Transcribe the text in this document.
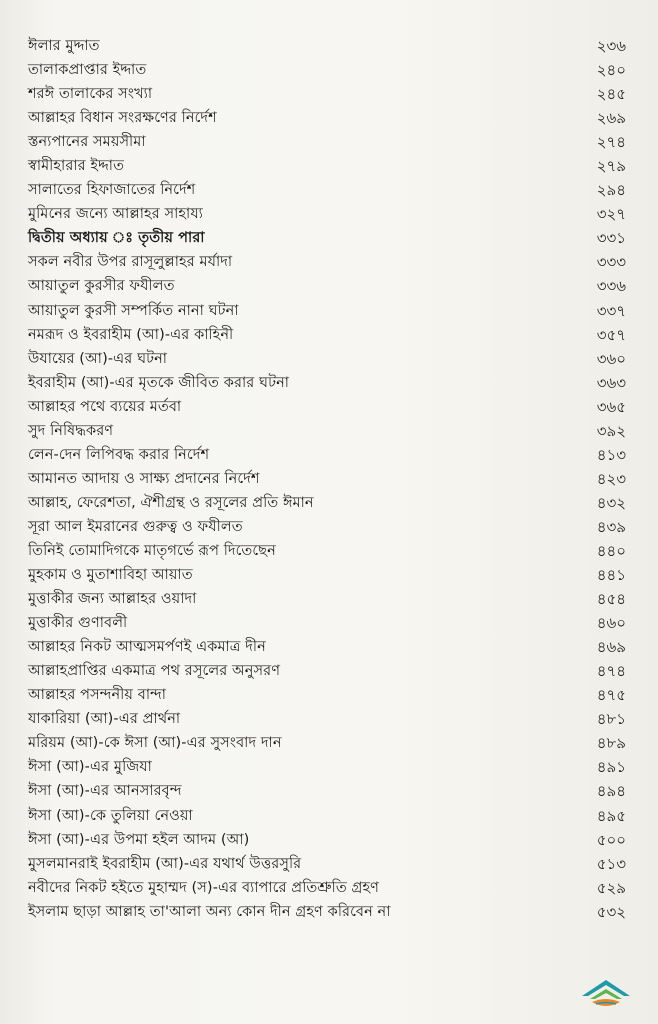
ঈলার মুদ্দাত	২৩৬
তালাকপ্রাপ্তার ইদ্দাত	২৪০
শরঈ তালাকের সংখ্যা	২৪৫
আল্লাহর বিধান সংরক্ষণের নির্দেশ	২৬৯
স্তন্যপানের সময়সীমা	২৭৪
স্বামীহারার ইদ্দাত	২৭৯
সালাতের হিফাজাতের নির্দেশ	২৯৪
মুমিনের জন্যে আল্লাহর সাহায্য	৩২৭
দ্বিতীয় অধ্যায় ঃ তৃতীয় পারা	৩৩১
সকল নবীর উপর রাসূলুল্লাহর মর্যাদা	৩৩৩
আয়াতুল কুরসীর ফযীলত	৩৩৬
আয়াতুল কুরসী সম্পর্কিত নানা ঘটনা	৩৩৭
নমরূদ ও ইবরাহীম (আ)-এর কাহিনী	৩৫৭
উযায়ের (আ)-এর ঘটনা	৩৬০
ইবরাহীম (আ)-এর মৃতকে জীবিত করার ঘটনা	৩৬৩
আল্লাহর পথে ব্যয়ের মর্তবা	৩৬৫
সুদ নিষিদ্ধকরণ	৩৯২
লেন-দেন লিপিবদ্ধ করার নির্দেশ	৪১৩
আমানত আদায় ও সাক্ষ্য প্রদানের নির্দেশ	৪২৩
আল্লাহ, ফেরেশতা, ঐশীগ্রন্থ ও রসূলের প্রতি ঈমান	৪৩২
সূরা আল ইমরানের গুরুত্ব ও ফযীলত	৪৩৯
তিনিই তোমাদিগকে মাতৃগর্ভে রূপ দিতেছেন	৪৪০
মুহকাম ও মুতাশাবিহা আয়াত	৪৪১
মুত্তাকীর জন্য আল্লাহর ওয়াদা	৪৫৪
মুত্তাকীর গুণাবলী	৪৬০
আল্লাহর নিকট আত্মসমর্পণই একমাত্র দীন	৪৬৯
আল্লাহপ্রাপ্তির একমাত্র পথ রসূলের অনুসরণ	৪৭৪
আল্লাহর পসন্দনীয় বান্দা	৪৭৫
যাকারিয়া (আ)-এর প্রার্থনা	৪৮১
মরিয়ম (আ)-কে ঈসা (আ)-এর সুসংবাদ দান	৪৮৯
ঈসা (আ)-এর মুজিযা	৪৯১
ঈসা (আ)-এর আনসারবৃন্দ	৪৯৪
ঈসা (আ)-কে তুলিয়া নেওয়া	৪৯৫
ঈসা (আ)-এর উপমা হইল আদম (আ)	৫০০
মুসলমানরাই ইবরাহীম (আ)-এর যথার্থ উত্তরসুরি	৫১৩
নবীদের নিকট হইতে মুহাম্মদ (স)-এর ব্যাপারে প্রতিশ্রুতি গ্রহণ	৫২৯
ইসলাম ছাড়া আল্লাহ তা'আলা অন্য কোন দীন গ্রহণ করিবেন না	৫৩২
